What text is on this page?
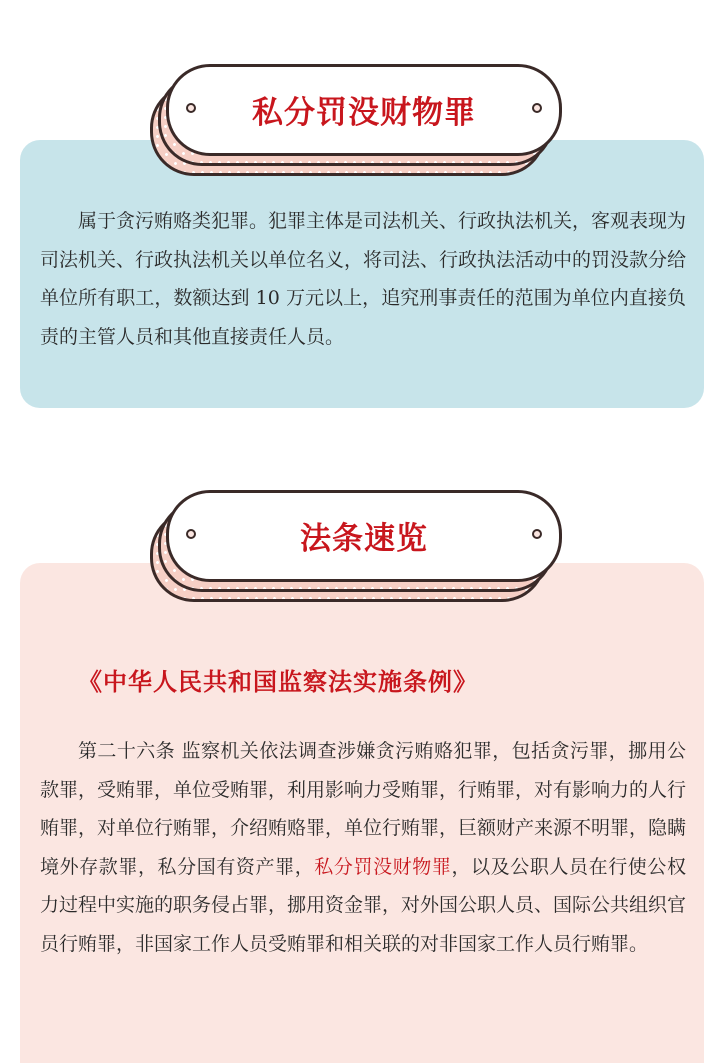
私分罚没财物罪

属于贪污贿赂类犯罪。犯罪主体是司法机关、行政执法机关，客观表现为司法机关、行政执法机关以单位名义，将司法、行政执法活动中的罚没款分给单位所有职工，数额达到 10 万元以上，追究刑事责任的范围为单位内直接负责的主管人员和其他直接责任人员。

法条速览

《中华人民共和国监察法实施条例》

第二十六条 监察机关依法调查涉嫌贪污贿赂犯罪，包括贪污罪，挪用公款罪，受贿罪，单位受贿罪，利用影响力受贿罪，行贿罪，对有影响力的人行贿罪，对单位行贿罪，介绍贿赂罪，单位行贿罪，巨额财产来源不明罪，隐瞒境外存款罪，私分国有资产罪，私分罚没财物罪，以及公职人员在行使公权力过程中实施的职务侵占罪，挪用资金罪，对外国公职人员、国际公共组织官员行贿罪，非国家工作人员受贿罪和相关联的对非国家工作人员行贿罪。
